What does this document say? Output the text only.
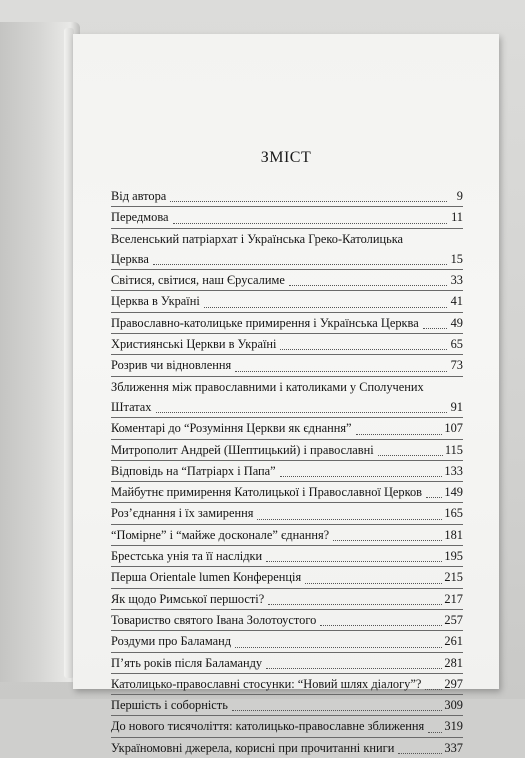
ЗМІСТ
Від автора	9
Передмова	11
Вселенський патріархат і Українська Греко-Католицька
Церква	15
Світися, світися, наш Єрусалиме	33
Церква в Україні	41
Православно-католицьке примирення і Українська Церква	49
Християнські Церкви в Україні	65
Розрив чи відновлення	73
Зближення між православними і католиками у Сполучених
Штатах	91
Коментарі до “Розуміння Церкви як єднання”	107
Митрополит Андрей (Шептицький) і православні	115
Відповідь на “Патріарх і Папа”	133
Майбутнє примирення Католицької і Православної Церков 149
Роз’єднання і їх замирення	165
“Помірне” і “майже досконале” єднання?	181
Брестська унія та її наслідки	195
Перша Orientale lumen Конференція	215
Як щодо Римської першості?	217
Товариство святого Івана Золотоустого	257
Роздуми про Баламанд	261
П’ять років після Баламанду	281
Католицько-православні стосунки: “Новий шлях діалогу”? 297
Першість і соборність	309
До нового тисячоліття: католицько-православне зближення 319
Україномовні джерела, корисні при прочитанні книги	337
